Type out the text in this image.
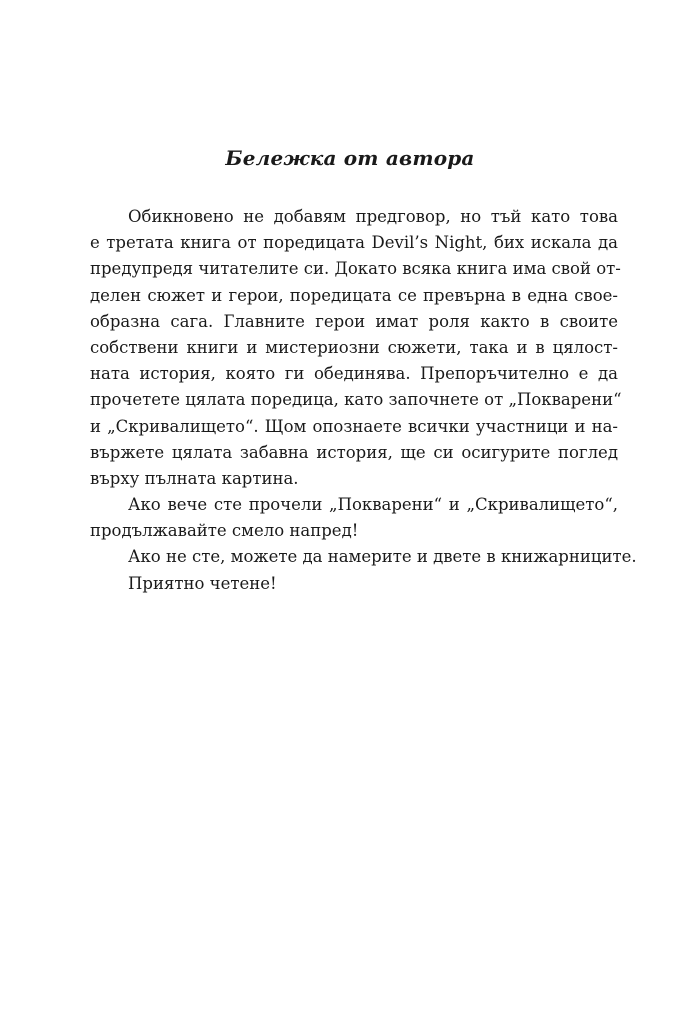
Бележка от автора
Обикновено не добавям предговор, но тъй като това
е третата книга от поредицата Devil’s Night, бих искала да
предупредя читателите си. Докато всяка книга има свой от-
делен сюжет и герои, поредицата се превърна в една свое-
образна сага. Главните герои имат роля както в своите
собствени книги и мистериозни сюжети, така и в цялост-
ната история, която ги обединява. Препоръчително е да
прочетете цялата поредица, като започнете от „Покварени“
и „Скривалището“. Щом опознаете всички участници и на-
вържете цялата забавна история, ще си осигурите поглед
върху пълната картина.
Ако вече сте прочели „Покварени“ и „Скривалището“,
продължавайте смело напред!
Ако не сте, можете да намерите и двете в книжарниците.
Приятно четене!
